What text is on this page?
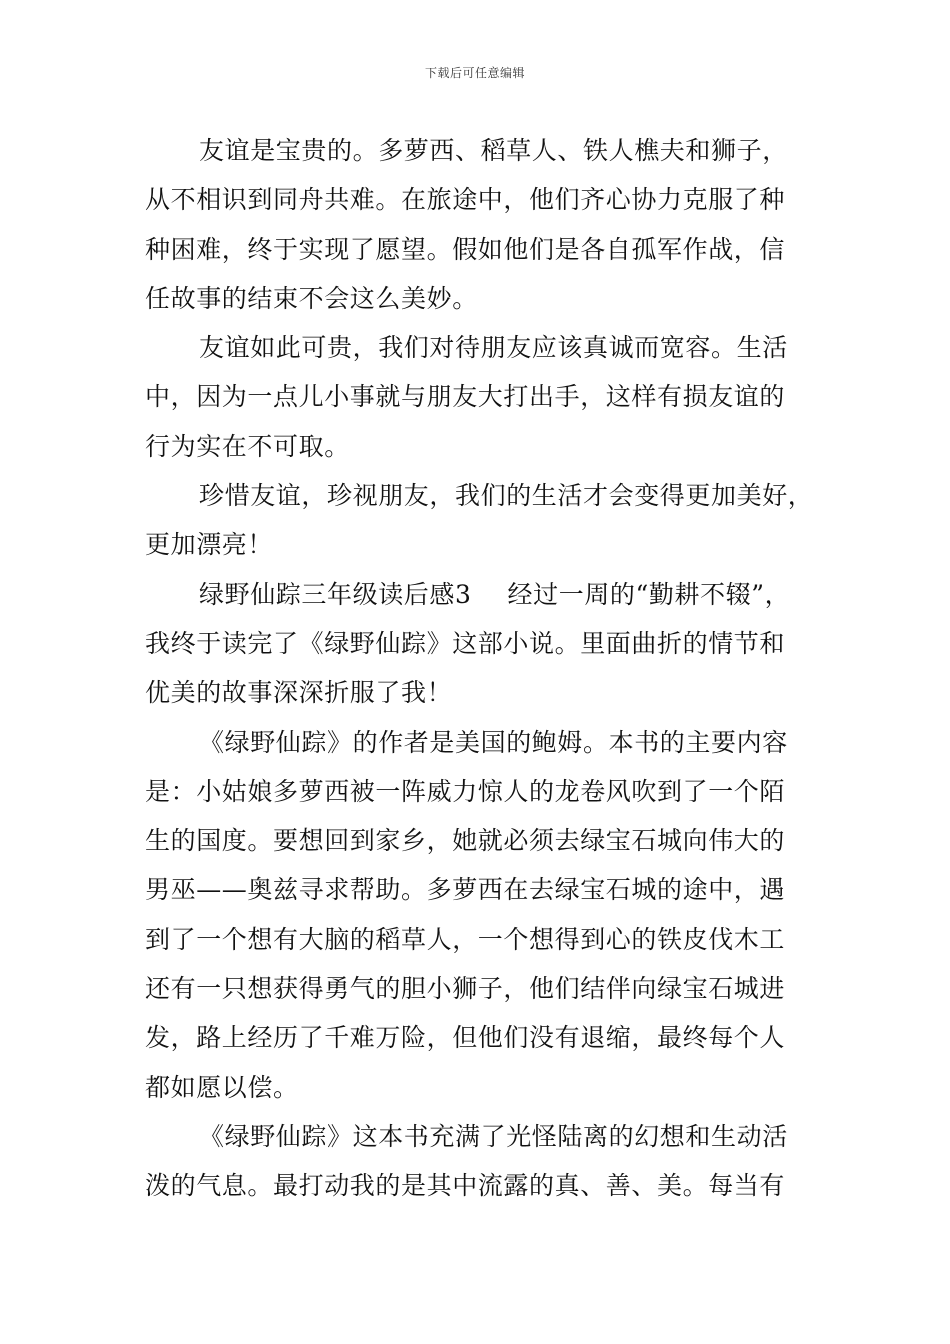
下载后可任意编辑
友谊是宝贵的。多萝西、稻草人、铁人樵夫和狮子，
从不相识到同舟共难。在旅途中，他们齐心协力克服了种
种困难，终于实现了愿望。假如他们是各自孤军作战，信
任故事的结束不会这么美妙。
友谊如此可贵，我们对待朋友应该真诚而宽容。生活
中，因为一点儿小事就与朋友大打出手，这样有损友谊的
行为实在不可取。
珍惜友谊，珍视朋友，我们的生活才会变得更加美好，
更加漂亮！
绿野仙踪三年级读后感3 经过一周的“勤耕不辍”，
我终于读完了《绿野仙踪》这部小说。里面曲折的情节和
优美的故事深深折服了我！
《绿野仙踪》的作者是美国的鲍姆。本书的主要内容
是：小姑娘多萝西被一阵威力惊人的龙卷风吹到了一个陌
生的国度。要想回到家乡，她就必须去绿宝石城向伟大的
男巫——奥兹寻求帮助。多萝西在去绿宝石城的途中，遇
到了一个想有大脑的稻草人，一个想得到心的铁皮伐木工
还有一只想获得勇气的胆小狮子，他们结伴向绿宝石城进
发，路上经历了千难万险，但他们没有退缩，最终每个人
都如愿以偿。
《绿野仙踪》这本书充满了光怪陆离的幻想和生动活
泼的气息。最打动我的是其中流露的真、善、美。每当有
